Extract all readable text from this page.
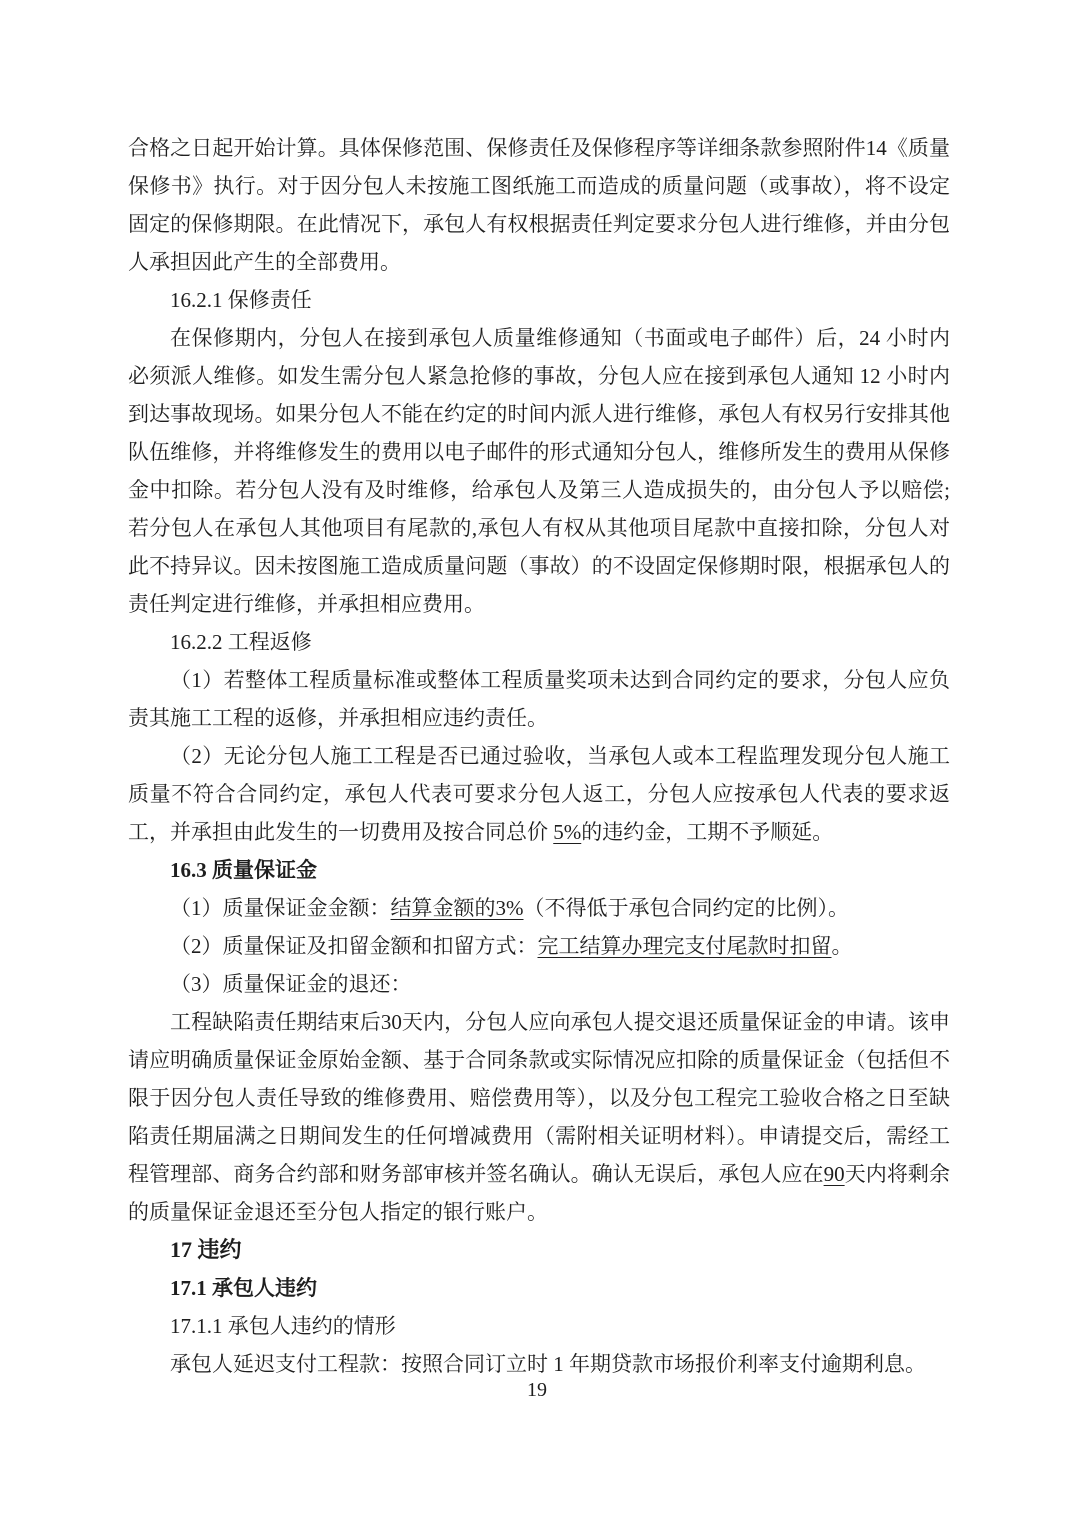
合格之日起开始计算。具体保修范围、保修责任及保修程序等详细条款参照附件14《质量保修书》执行。对于因分包人未按施工图纸施工而造成的质量问题（或事故），将不设定固定的保修期限。在此情况下，承包人有权根据责任判定要求分包人进行维修，并由分包人承担因此产生的全部费用。

16.2.1 保修责任

在保修期内，分包人在接到承包人质量维修通知（书面或电子邮件）后，24 小时内必须派人维修。如发生需分包人紧急抢修的事故，分包人应在接到承包人通知 12 小时内到达事故现场。如果分包人不能在约定的时间内派人进行维修，承包人有权另行安排其他队伍维修，并将维修发生的费用以电子邮件的形式通知分包人，维修所发生的费用从保修金中扣除。若分包人没有及时维修，给承包人及第三人造成损失的，由分包人予以赔偿;若分包人在承包人其他项目有尾款的,承包人有权从其他项目尾款中直接扣除，分包人对此不持异议。因未按图施工造成质量问题（事故）的不设固定保修期时限，根据承包人的责任判定进行维修，并承担相应费用。

16.2.2 工程返修

（1）若整体工程质量标准或整体工程质量奖项未达到合同约定的要求，分包人应负责其施工工程的返修，并承担相应违约责任。

（2）无论分包人施工工程是否已通过验收，当承包人或本工程监理发现分包人施工质量不符合合同约定，承包人代表可要求分包人返工，分包人应按承包人代表的要求返工，并承担由此发生的一切费用及按合同总价 5%的违约金，工期不予顺延。

16.3 质量保证金

（1）质量保证金金额：结算金额的3%（不得低于承包合同约定的比例）。

（2）质量保证及扣留金额和扣留方式：完工结算办理完支付尾款时扣留。

（3）质量保证金的退还：

工程缺陷责任期结束后30天内，分包人应向承包人提交退还质量保证金的申请。该申请应明确质量保证金原始金额、基于合同条款或实际情况应扣除的质量保证金（包括但不限于因分包人责任导致的维修费用、赔偿费用等），以及分包工程完工验收合格之日至缺陷责任期届满之日期间发生的任何增减费用（需附相关证明材料）。申请提交后，需经工程管理部、商务合约部和财务部审核并签名确认。确认无误后，承包人应在90天内将剩余的质量保证金退还至分包人指定的银行账户。

17 违约

17.1 承包人违约

17.1.1 承包人违约的情形

承包人延迟支付工程款：按照合同订立时 1 年期贷款市场报价利率支付逾期利息。

19
